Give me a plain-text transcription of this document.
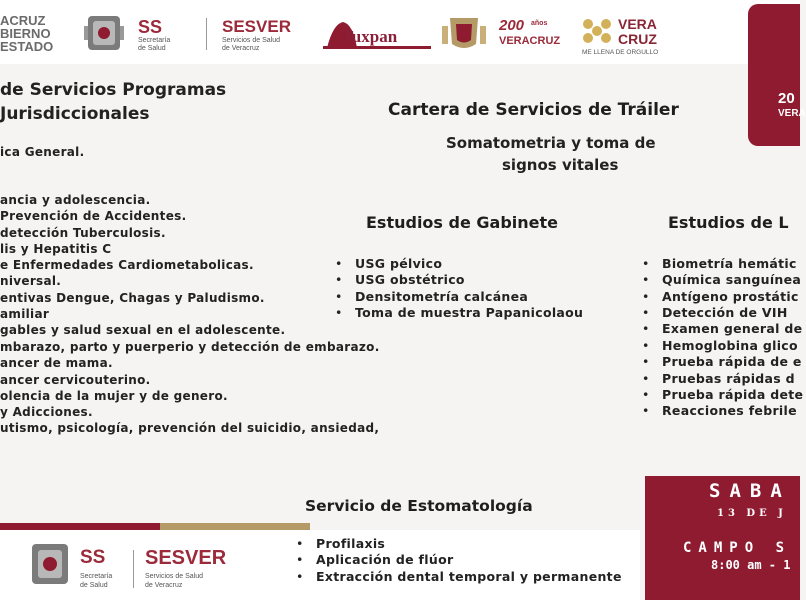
ACRUZ
BIERNO
ESTADO
SS
Secretaría
de Salud
SESVER
Servicios de Salud
de Veracruz
Tuxpan
200 años
VERACRUZ
VERA
CRUZ
ME LLENA DE ORGULLO
20
VERA
de Servicios Programas
Jurisdiccionales
ica General.
ancia y adolescencia.
Prevención de Accidentes.
detección Tuberculosis.
lis y Hepatitis C
e Enfermedades Cardiometabolicas.
niversal.
entivas Dengue, Chagas y Paludismo.
amiliar
gables y salud sexual en el adolescente.
mbarazo, parto y puerperio y detección de embarazo.
ancer de mama.
ancer cervicouterino.
olencia de la mujer y de genero.
y Adicciones.
utismo, psicología, prevención del suicidio, ansiedad,
Cartera de Servicios de Tráiler
Somatometria y toma de
signos vitales
Estudios de Gabinete
• USG pélvico
• USG obstétrico
• Densitometría calcánea
• Toma de muestra Papanicolaou
Estudios de L
• Biometría hemátic
• Química sanguínea
• Antígeno prostátic
• Detección de VIH
• Examen general de
• Hemoglobina glico
• Prueba rápida de e
• Pruebas rápidas d
• Prueba rápida dete
• Reacciones febrile
Servicio de Estomatología
SS
Secretaría
de Salud
SESVER
Servicios de Salud
de Veracruz
• Profilaxis
• Aplicación de flúor
• Extracción dental temporal y permanente
SABA
13 DE J
CAMPO S
8:00 am - 1
